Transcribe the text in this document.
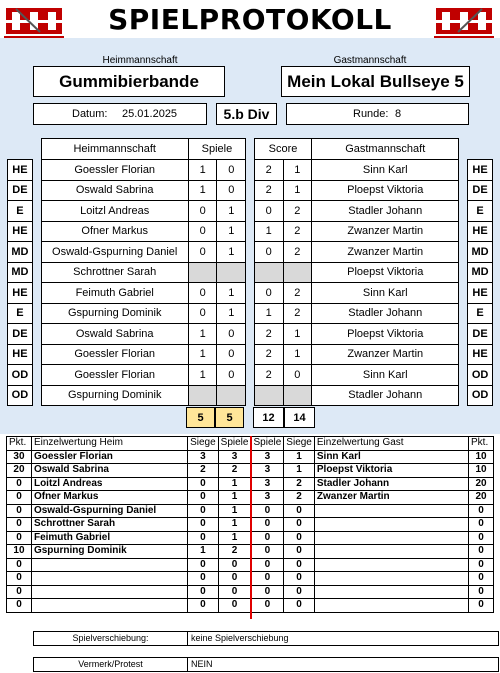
SPIELPROTOKOLL
Heimmannschaft	Gastmannschaft
Gummibierbande	Mein Lokal Bullseye 5
Datum: 25.01.2025	5.b Div	Runde: 8
		Heimmannschaft	Spiele			Score		Gastmannschaft		
HE		Goessler Florian	1	0		2	1	Sinn Karl		HE
DE		Oswald Sabrina	1	0		2	1	Ploepst Viktoria		DE
E		Loitzl Andreas	0	1		0	2	Stadler Johann		E
HE		Ofner Markus	0	1		1	2	Zwanzer Martin		HE
MD		Oswald-Gspurning Daniel	0	1		0	2	Zwanzer Martin		MD
MD		Schrottner Sarah						Ploepst Viktoria		MD
HE		Feimuth Gabriel	0	1		0	2	Sinn Karl		HE
E		Gspurning Dominik	0	1		1	2	Stadler Johann		E
DE		Oswald Sabrina	1	0		2	1	Ploepst Viktoria		DE
HE		Goessler Florian	1	0		2	1	Zwanzer Martin		HE
OD		Goessler Florian	1	0		2	0	Sinn Karl		OD
OD		Gspurning Dominik						Stadler Johann		OD
5	5	12	14
Pkt.	Einzelwertung Heim	Siege	Spiele	Spiele	Siege	Einzelwertung Gast	Pkt.
30	Goessler Florian	3	3	3	1	Sinn Karl	10
20	Oswald Sabrina	2	2	3	1	Ploepst Viktoria	10
0	Loitzl Andreas	0	1	3	2	Stadler Johann	20
0	Ofner Markus	0	1	3	2	Zwanzer Martin	20
0	Oswald-Gspurning Daniel	0	1	0	0		0
0	Schrottner Sarah	0	1	0	0		0
0	Feimuth Gabriel	0	1	0	0		0
10	Gspurning Dominik	1	2	0	0		0
0		0	0	0	0		0
0		0	0	0	0		0
0		0	0	0	0		0
0		0	0	0	0		0
Spielverschiebung:	keine Spielverschiebung
Vermerk/Protest	NEIN
